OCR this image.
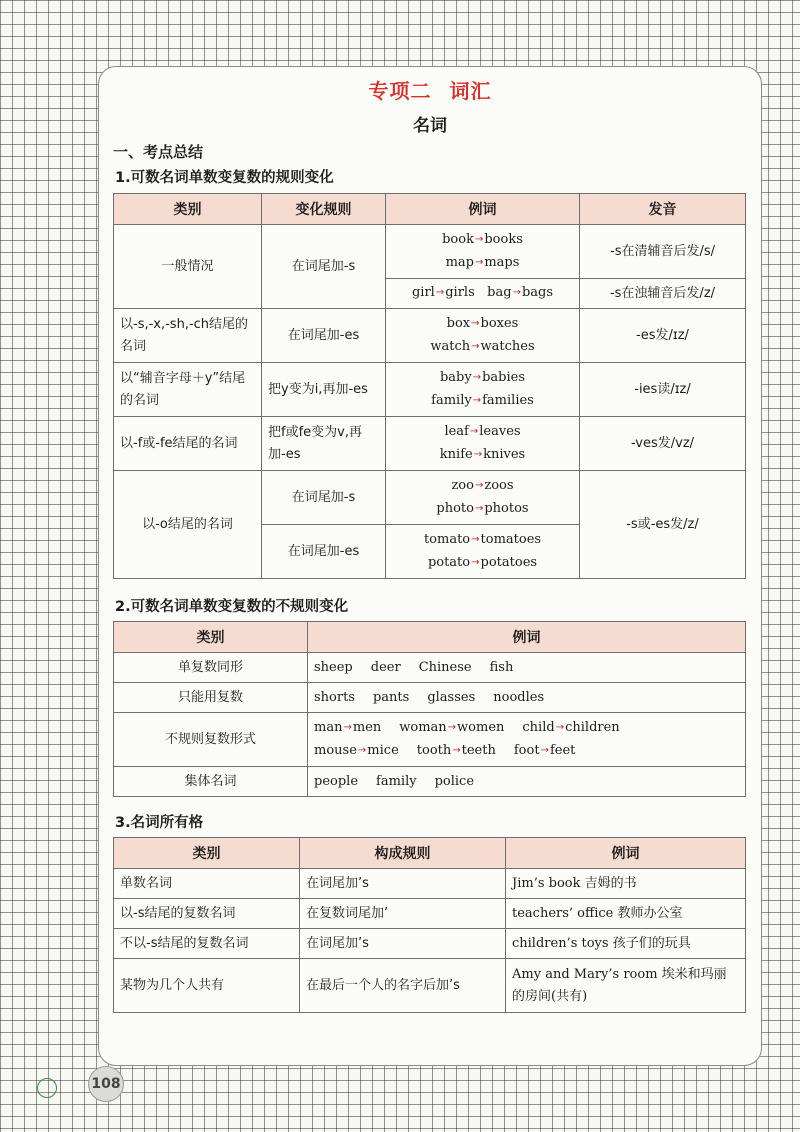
专项二 词汇
名词
一、考点总结
1.可数名词单数变复数的规则变化
类别	变化规则	例词	发音
一般情况	在词尾加-s	book→books
map→maps	-s在清辅音后发/s/
		girl→girls bag→bags	-s在浊辅音后发/z/
以-s,-x,-sh,-ch结尾的名词	在词尾加-es	box→boxes
watch→watches	-es发/ɪz/
以“辅音字母＋y”结尾的名词	把y变为i,再加-es	baby→babies
family→families	-ies读/ɪz/
以-f或-fe结尾的名词	把f或fe变为v,再加-es	leaf→leaves
knife→knives	-ves发/vz/
以-o结尾的名词	在词尾加-s	zoo→zoos
photo→photos	-s或-es发/z/
	在词尾加-es	tomato→tomatoes
potato→potatoes	
2.可数名词单数变复数的不规则变化
类别	例词
单复数同形	sheep deer Chinese fish
只能用复数	shorts pants glasses noodles
不规则复数形式	man→men woman→women child→children
mouse→mice tooth→teeth foot→feet

集体名词	people family police
3.名词所有格
类别	构成规则	例词
单数名词	在词尾加’s	Jim’s book 吉姆的书
以-s结尾的复数名词	在复数词尾加’	teachers’ office 教师办公室
不以-s结尾的复数名词	在词尾加’s	children’s toys 孩子们的玩具
某物为几个人共有	在最后一个人的名字后加’s	Amy and Mary’s room 埃米和玛丽的房间(共有)
108
